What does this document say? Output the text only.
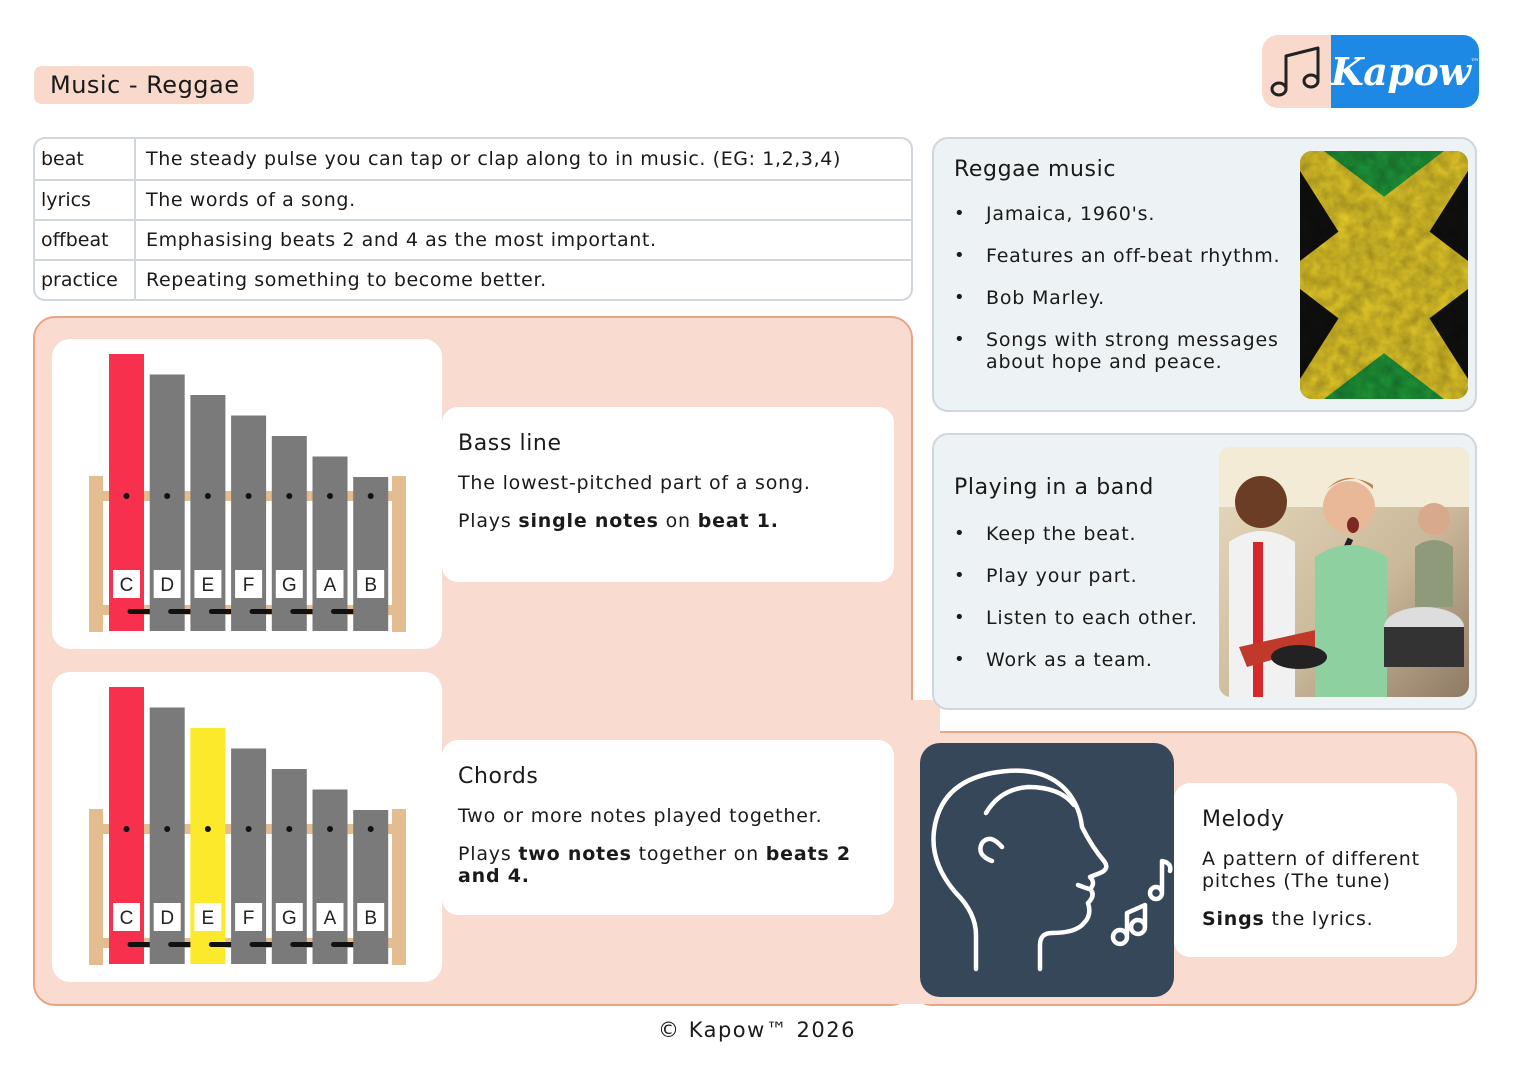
Music - Reggae	Kapow™
beat	The steady pulse you can tap or clap along to in music. (EG: 1,2,3,4)
lyrics	The words of a song.
offbeat	Emphasising beats 2 and 4 as the most important.
practice	Repeating something to become better.
C D E F G A B
Bass line
The lowest-pitched part of a song.
Plays single notes on beat 1.
C D E F G A B
Chords
Two or more notes played together.
Plays two notes together on beats 2 and 4.
Reggae music
• Jamaica, 1960's.
• Features an off-beat rhythm.
• Bob Marley.
• Songs with strong messages about hope and peace.
Playing in a band
• Keep the beat.
• Play your part.
• Listen to each other.
• Work as a team.
Melody
A pattern of different pitches (The tune)
Sings the lyrics.
© Kapow™ 2026
